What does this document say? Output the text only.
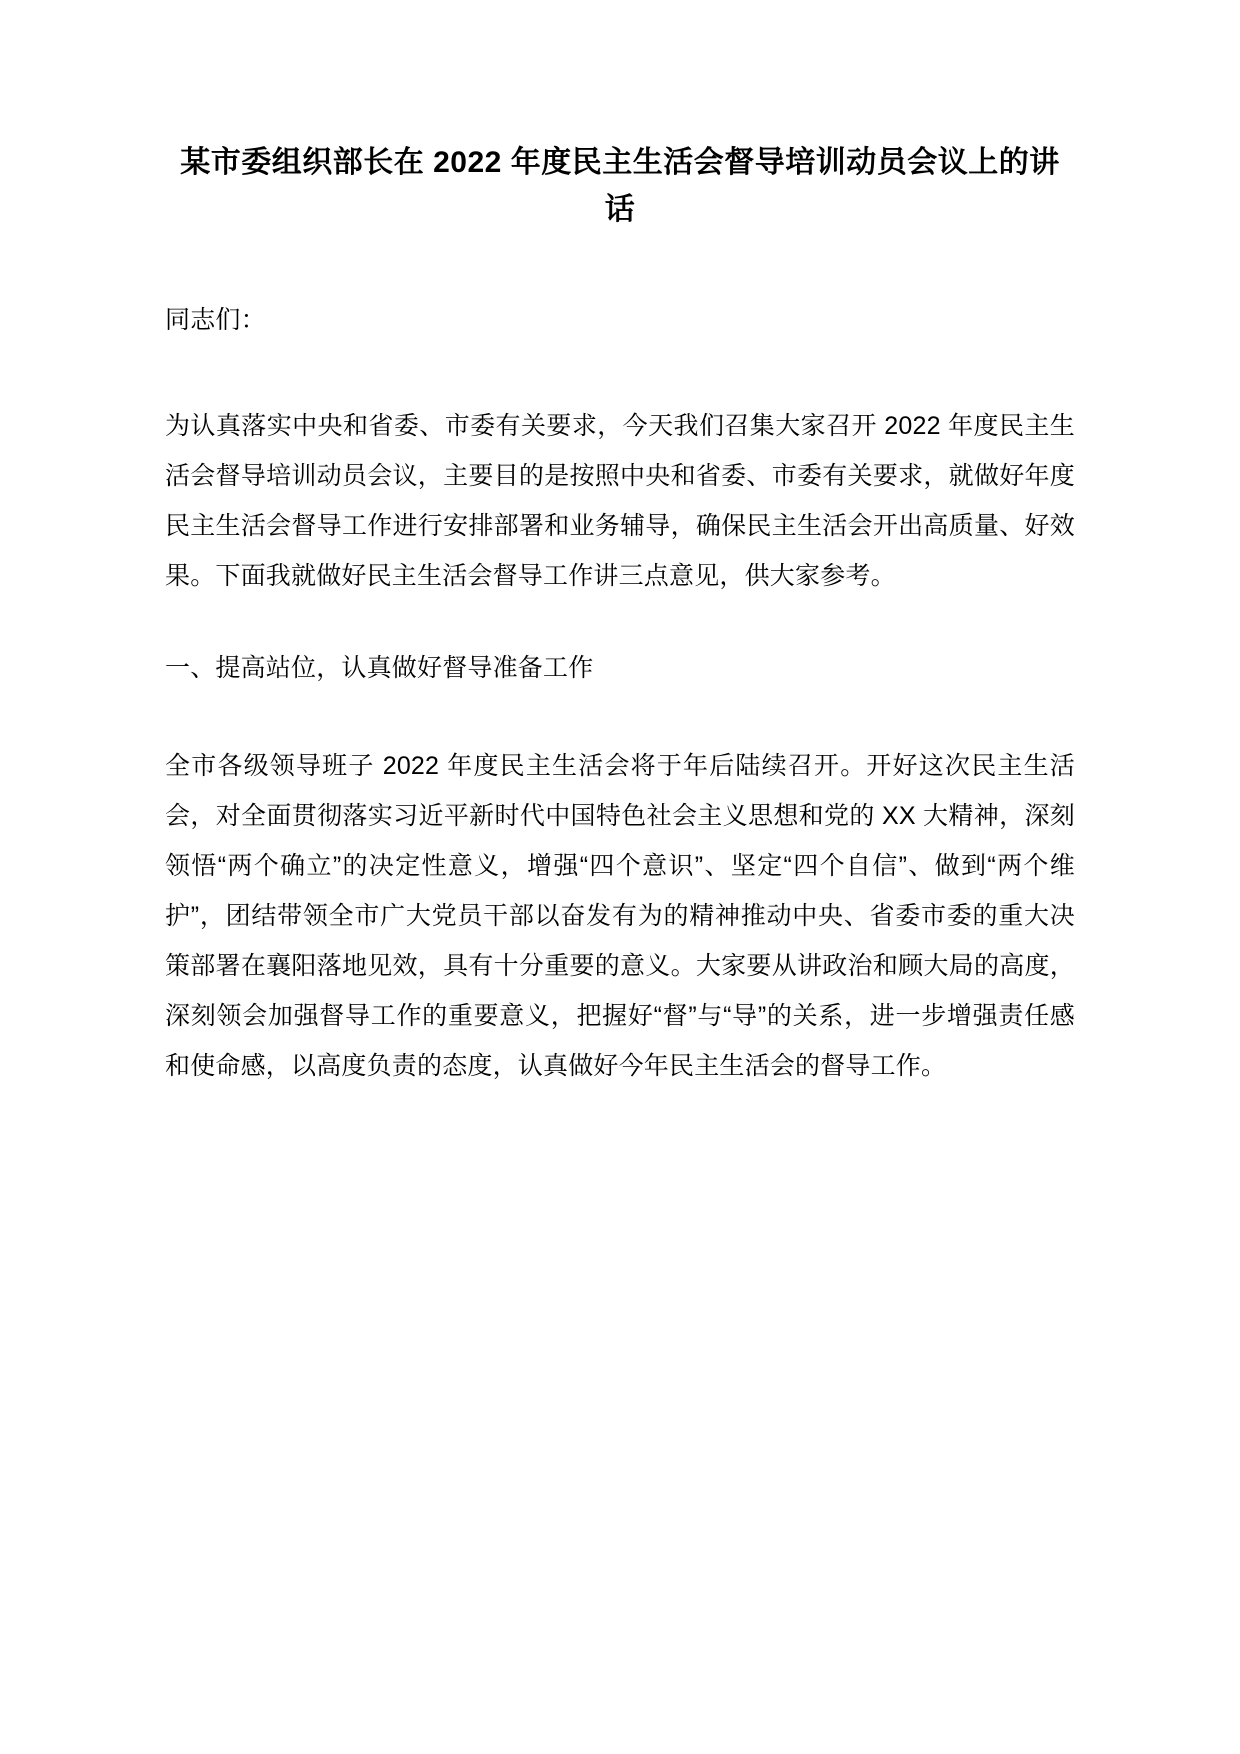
某市委组织部长在 2022 年度民主生活会督导培训动员会议上的讲话

同志们：

为认真落实中央和省委、市委有关要求，今天我们召集大家召开 2022 年度民主生活会督导培训动员会议，主要目的是按照中央和省委、市委有关要求，就做好年度民主生活会督导工作进行安排部署和业务辅导，确保民主生活会开出高质量、好效果。下面我就做好民主生活会督导工作讲三点意见，供大家参考。

一、提高站位，认真做好督导准备工作

全市各级领导班子 2022 年度民主生活会将于年后陆续召开。开好这次民主生活会，对全面贯彻落实习近平新时代中国特色社会主义思想和党的 XX 大精神，深刻领悟“两个确立”的决定性意义，增强“四个意识”、坚定“四个自信”、做到“两个维护”，团结带领全市广大党员干部以奋发有为的精神推动中央、省委市委的重大决策部署在襄阳落地见效，具有十分重要的意义。大家要从讲政治和顾大局的高度，深刻领会加强督导工作的重要意义，把握好“督”与“导”的关系，进一步增强责任感和使命感，以高度负责的态度，认真做好今年民主生活会的督导工作。
